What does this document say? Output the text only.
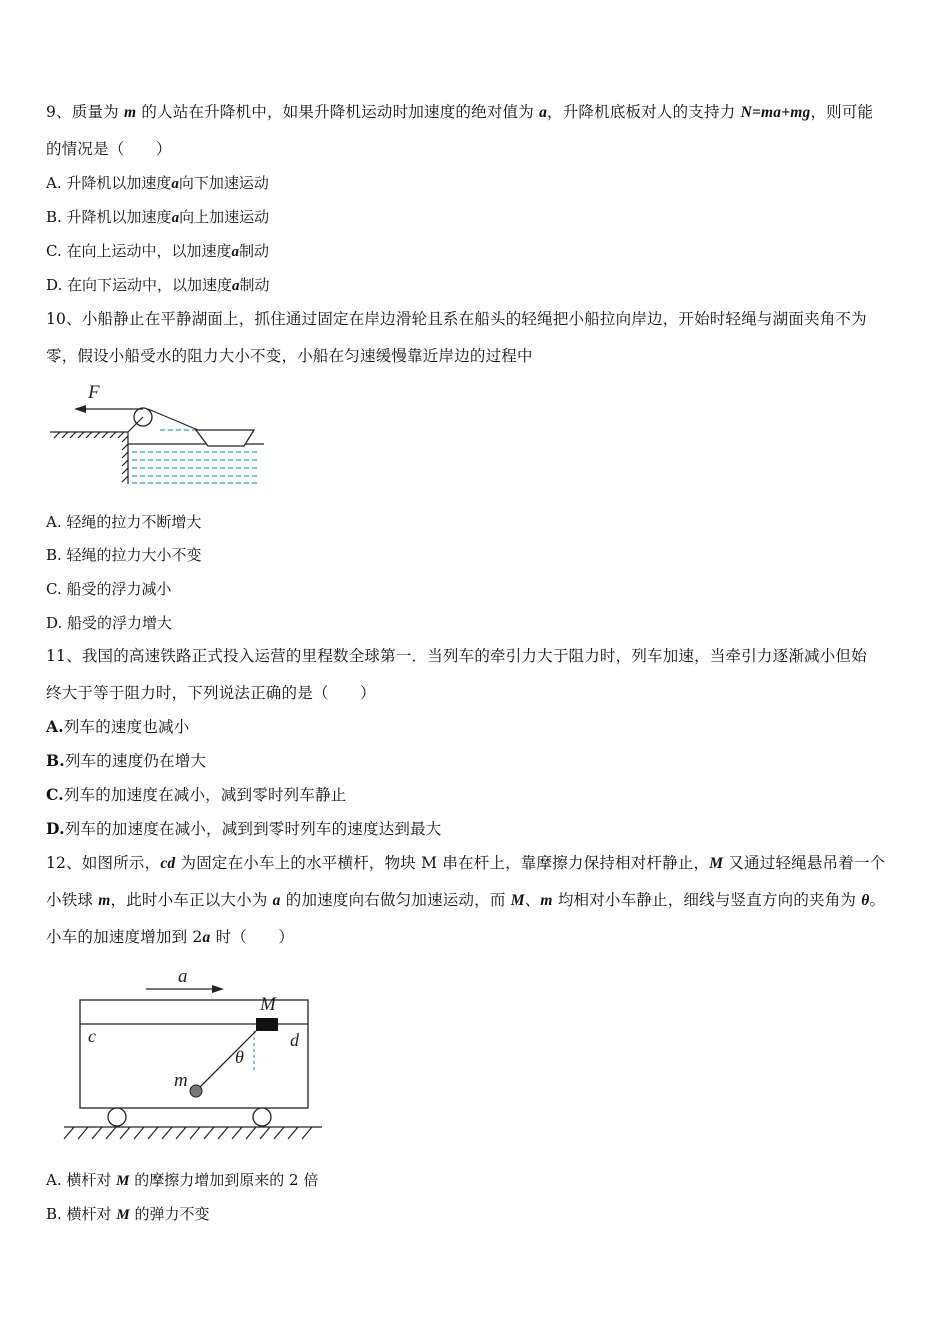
9、质量为 m 的人站在升降机中，如果升降机运动时加速度的绝对值为 a，升降机底板对人的支持力 N=ma+mg，则可能
的情况是（　　）
A. 升降机以加速度a向下加速运动
B. 升降机以加速度a向上加速运动
C. 在向上运动中，以加速度a制动
D. 在向下运动中，以加速度a制动
10、小船静止在平静湖面上，抓住通过固定在岸边滑轮且系在船头的轻绳把小船拉向岸边，开始时轻绳与湖面夹角不为
零，假设小船受水的阻力大小不变，小船在匀速缓慢靠近岸边的过程中
F
A. 轻绳的拉力不断增大
B. 轻绳的拉力大小不变
C. 船受的浮力减小
D. 船受的浮力增大
11、我国的高速铁路正式投入运营的里程数全球第一．当列车的牵引力大于阻力时，列车加速，当牵引力逐渐减小但始
终大于等于阻力时，下列说法正确的是（　　）
A.列车的速度也减小
B.列车的速度仍在增大
C.列车的加速度在减小，减到零时列车静止
D.列车的加速度在减小，减到到零时列车的速度达到最大
12、如图所示，cd 为固定在小车上的水平横杆，物块 M 串在杆上，靠摩擦力保持相对杆静止，M 又通过轻绳悬吊着一个
小铁球 m，此时小车正以大小为 a 的加速度向右做匀加速运动，而 M、m 均相对小车静止，细线与竖直方向的夹角为 θ。
小车的加速度增加到 2a 时（　　）
a
c	d
M
θ
m
A. 横杆对 M 的摩擦力增加到原来的 2 倍
B. 横杆对 M 的弹力不变
